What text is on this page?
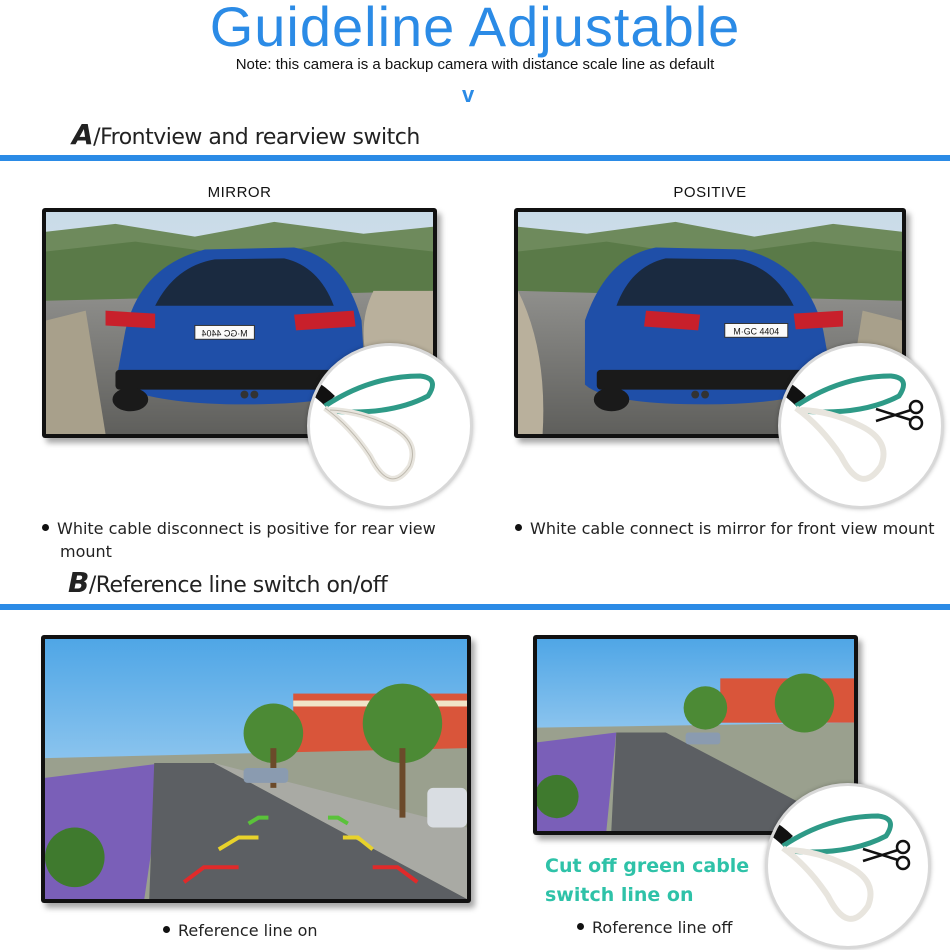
Guideline Adjustable
Note: this camera is a backup camera with distance scale line as default
v
A/Frontview and rearview switch
MIRROR	POSITIVE
M·GC 4404	M·GC 4404
White cable disconnect is positive for rear view
mount
White cable connect is mirror for front view mount
B/Reference line switch on/off
Cut off green cable
switch line on
Reference line on	Roference line off
